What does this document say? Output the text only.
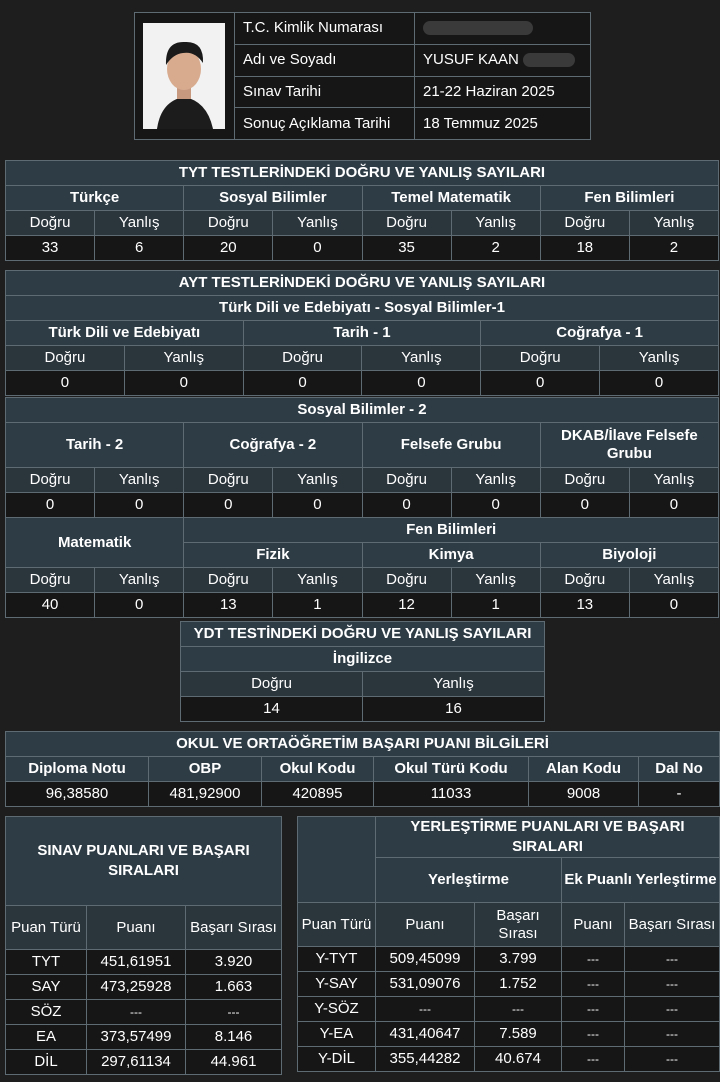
	T.C. Kimlik Numarası	
	Adı ve Soyadı	YUSUF KAAN
	Sınav Tarihi	21-22 Haziran 2025
	Sonuç Açıklama Tarihi	18 Temmuz 2025
TYT TESTLERİNDEKİ DOĞRU VE YANLIŞ SAYILARI							
Türkçe		Sosyal Bilimler		Temel Matematik		Fen Bilimleri	
Doğru	Yanlış	Doğru	Yanlış	Doğru	Yanlış	Doğru	Yanlış
33	6	20	0	35	2	18	2
AYT TESTLERİNDEKİ DOĞRU VE YANLIŞ SAYILARI					
Türk Dili ve Edebiyatı - Sosyal Bilimler-1					
Türk Dili ve Edebiyatı		Tarih - 1		Coğrafya - 1	
Doğru	Yanlış	Doğru	Yanlış	Doğru	Yanlış
0	0	0	0	0	0
Sosyal Bilimler - 2							
Tarih - 2		Coğrafya - 2		Felsefe Grubu		DKAB/İlave Felsefe Grubu	
Doğru	Yanlış	Doğru	Yanlış	Doğru	Yanlış	Doğru	Yanlış
0	0	0	0	0	0	0	0
Matematik		Fen Bilimleri					
		Fizik		Kimya		Biyoloji	
Doğru	Yanlış	Doğru	Yanlış	Doğru	Yanlış	Doğru	Yanlış
40	0	13	1	12	1	13	0
YDT TESTİNDEKİ DOĞRU VE YANLIŞ SAYILARI	
İngilizce	
Doğru	Yanlış
14	16
OKUL VE ORTAÖĞRETİM BAŞARI PUANI BİLGİLERİ					
Diploma Notu	OBP	Okul Kodu	Okul Türü Kodu	Alan Kodu	Dal No
96,38580	481,92900	420895	11033	9008	-
SINAV PUANLARI VE BAŞARI SIRALARI		
Puan Türü	Puanı	Başarı Sırası
TYT	451,61951	3.920
SAY	473,25928	1.663
SÖZ	---	---
EA	373,57499	8.146
DİL	297,61134	44.961
	YERLEŞTİRME PUANLARI VE BAŞARI SIRALARI			
	Yerleştirme		Ek Puanlı Yerleştirme	
Puan Türü	Puanı	Başarı Sırası	Puanı	Başarı Sırası
Y-TYT	509,45099	3.799	---	---
Y-SAY	531,09076	1.752	---	---
Y-SÖZ	---	---	---	---
Y-EA	431,40647	7.589	---	---
Y-DİL	355,44282	40.674	---	---
